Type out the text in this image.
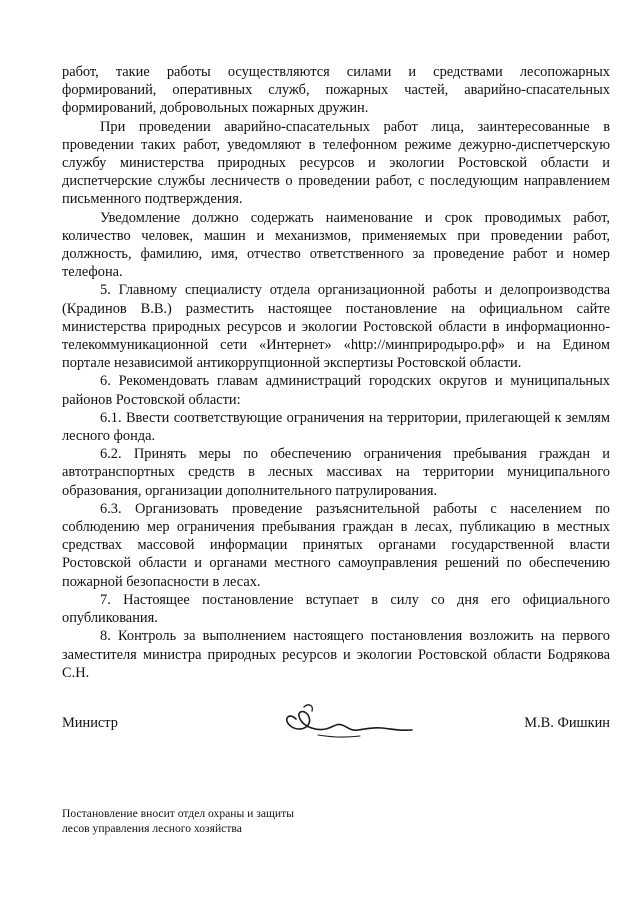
работ, такие работы осуществляются силами и средствами лесопожарных формирований, оперативных служб, пожарных частей, аварийно-спасательных формирований, добровольных пожарных дружин.

При проведении аварийно-спасательных работ лица, заинтересованные в проведении таких работ, уведомляют в телефонном режиме дежурно-диспетчерскую службу министерства природных ресурсов и экологии Ростовской области и диспетчерские службы лесничеств о проведении работ, с последующим направлением письменного подтверждения.

Уведомление должно содержать наименование и срок проводимых работ, количество человек, машин и механизмов, применяемых при проведении работ, должность, фамилию, имя, отчество ответственного за проведение работ и номер телефона.

5. Главному специалисту отдела организационной работы и делопроизводства (Крадинов В.В.) разместить настоящее постановление на официальном сайте министерства природных ресурсов и экологии Ростовской области в информационно-телекоммуникационной сети «Интернет» «http://минприродыро.рф» и на Едином портале независимой антикоррупционной экспертизы Ростовской области.

6. Рекомендовать главам администраций городских округов и муниципальных районов Ростовской области:

6.1. Ввести соответствующие ограничения на территории, прилегающей к землям лесного фонда.

6.2. Принять меры по обеспечению ограничения пребывания граждан и автотранспортных средств в лесных массивах на территории муниципального образования, организации дополнительного патрулирования.

6.3. Организовать проведение разъяснительной работы с населением по соблюдению мер ограничения пребывания граждан в лесах, публикацию в местных средствах массовой информации принятых органами государственной власти Ростовской области и органами местного самоуправления решений по обеспечению пожарной безопасности в лесах.

7. Настоящее постановление вступает в силу со дня его официального опубликования.

8. Контроль за выполнением настоящего постановления возложить на первого заместителя министра природных ресурсов и экологии Ростовской области Бодрякова С.Н.

Министр	М.В. Фишкин
Постановление вносит отдел охраны и защиты
лесов управления лесного хозяйства
